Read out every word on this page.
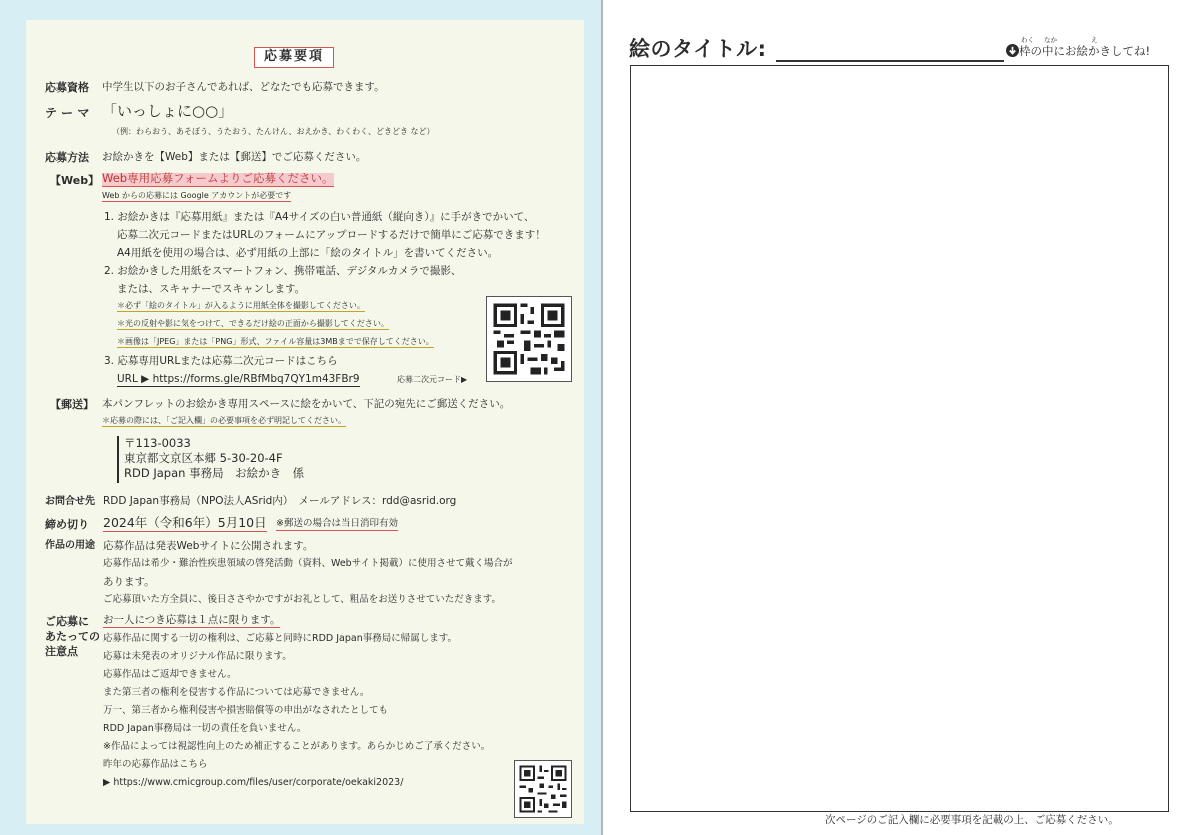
応募要項
応募資格 中学生以下のお子さんであれば、どなたでも応募できます。
テ ー マ 「いっしょに○○」
（例：わらおう、あそぼう、うたおう、たんけん、おえかき、わくわく、どきどき など）
応募方法 お絵かきを【Web】または【郵送】でご応募ください。
【Web】 Web専用応募フォームよりご応募ください。
Web からの応募には Google アカウントが必要です
1. お絵かきは『応募用紙』または『A4サイズの白い普通紙（縦向き）』に手がきでかいて、
応募二次元コードまたはURLのフォームにアップロードするだけで簡単にご応募できます！
A4用紙を使用の場合は、必ず用紙の上部に「絵のタイトル」を書いてください。
2. お絵かきした用紙をスマートフォン、携帯電話、デジタルカメラで撮影、
または、スキャナーでスキャンします。
＊必ず「絵のタイトル」が入るように用紙全体を撮影してください。
＊光の反射や影に気をつけて、できるだけ絵の正面から撮影してください。
＊画像は「JPEG」または「PNG」形式、ファイル容量は3MBまでで保存してください。
3. 応募専用URLまたは応募二次元コードはこちら
URL ▶ https://forms.gle/RBfMbq7QY1m43FBr9	応募二次元コード▶
【郵送】 本パンフレットのお絵かき専用スペースに絵をかいて、下記の宛先にご郵送ください。
＊応募の際には、「ご記入欄」の必要事項を必ず明記してください。
〒113-0033
東京都文京区本郷 5-30-20-4F
RDD Japan 事務局　お絵かき　係
お問合せ先 RDD Japan事務局（NPO法人ASrid内）　メールアドレス：rdd@asrid.org
締め切り 2024年（令和6年）5月10日 ※郵送の場合は当日消印有効
作品の用途 応募作品は発表Webサイトに公開されます。
応募作品は希少・難治性疾患領域の啓発活動（資料、Webサイト掲載）に使用させて戴く場合が
あります。
ご応募頂いた方全員に、後日ささやかですがお礼として、粗品をお送りさせていただきます。
ご応募に
あたっての
注意点
お一人につき応募は１点に限ります。
応募作品に関する一切の権利は、ご応募と同時にRDD Japan事務局に帰属します。
応募は未発表のオリジナル作品に限ります。
応募作品はご返却できません。
また第三者の権利を侵害する作品については応募できません。
万一、第三者から権利侵害や損害賠償等の申出がなされたとしても
RDD Japan事務局は一切の責任を負いません。
※作品によっては視認性向上のため補正することがあります。あらかじめご了承ください。
昨年の応募作品はこちら
▶ https://www.cmicgroup.com/files/user/corporate/oekaki2023/
絵のタイトル:	わく なか	え
枠の中にお絵かきしてね!
次ページのご記入欄に必要事項を記載の上、ご応募ください。
